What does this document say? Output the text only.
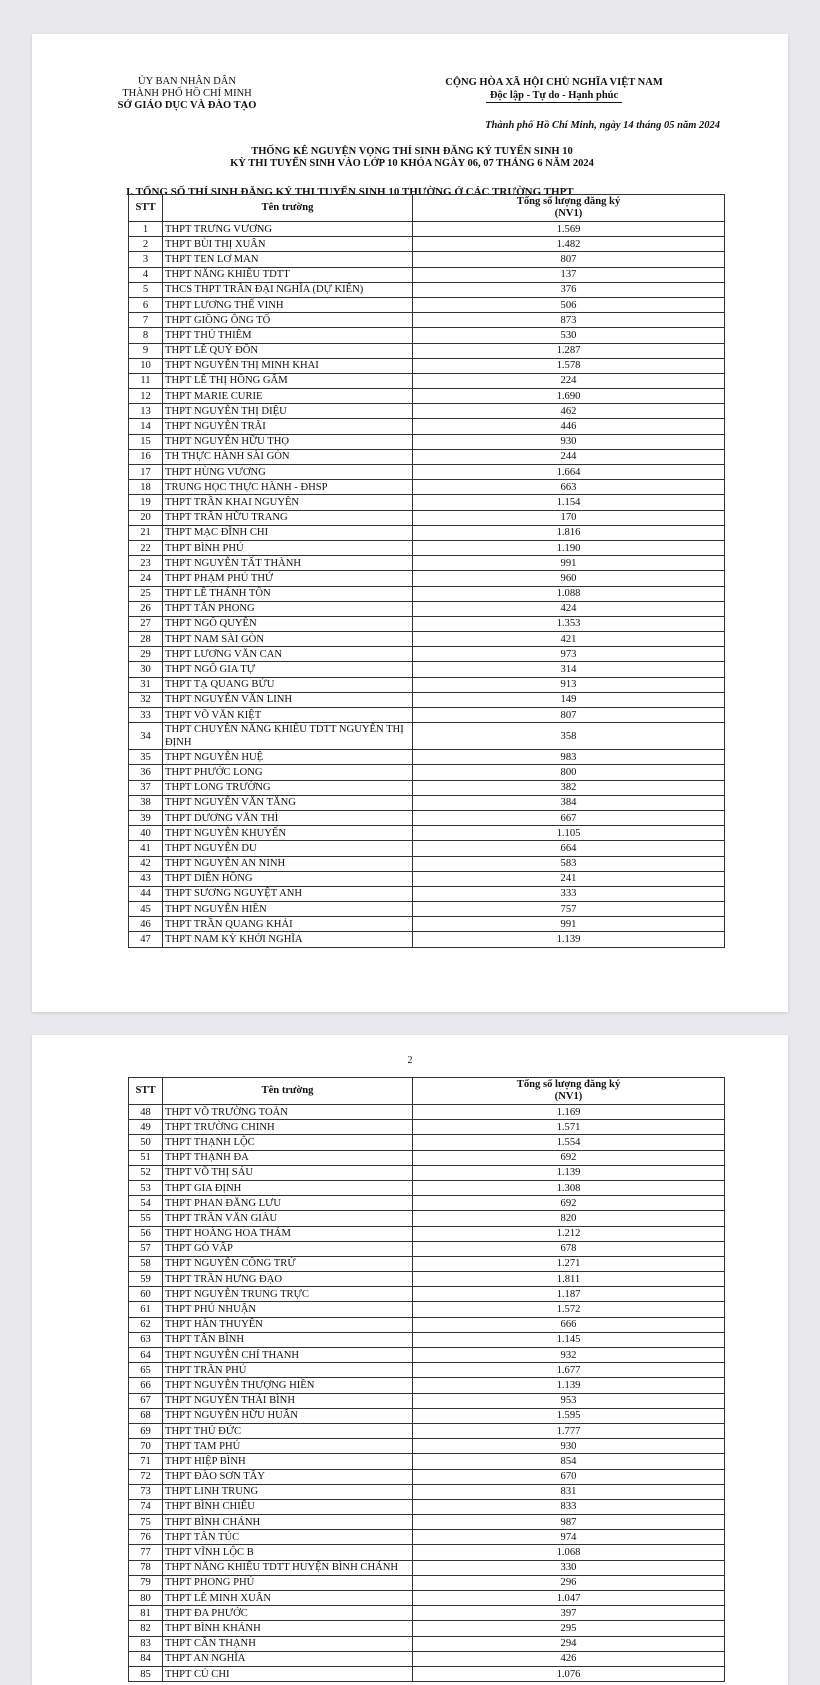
ỦY BAN NHÂN DÂN
THÀNH PHỐ HỒ CHÍ MINH
SỞ GIÁO DỤC VÀ ĐÀO TẠO
CỘNG HÒA XÃ HỘI CHỦ NGHĨA VIỆT NAM
Độc lập - Tự do - Hạnh phúc
Thành phố Hồ Chí Minh, ngày 14 tháng 05 năm 2024
THỐNG KÊ NGUYỆN VỌNG THÍ SINH ĐĂNG KÝ TUYỂN SINH 10
KỲ THI TUYỂN SINH VÀO LỚP 10 KHÓA NGÀY 06, 07 THÁNG 6 NĂM 2024
I. TỔNG SỐ THÍ SINH ĐĂNG KÝ THI TUYỂN SINH 10 THƯỜNG Ở CÁC TRƯỜNG THPT
STT	Tên trường	Tổng số lượng đăng ký
(NV1)

1	THPT TRƯNG VƯƠNG	1.569
2	THPT BÙI THỊ XUÂN	1.482
3	THPT TEN LƠ MAN	807
4	THPT NĂNG KHIẾU TDTT	137
5	THCS THPT TRẦN ĐẠI NGHĨA (DỰ KIẾN)	376
6	THPT LƯƠNG THẾ VINH	506
7	THPT GIỒNG ÔNG TỐ	873
8	THPT THỦ THIÊM	530
9	THPT LÊ QUÝ ĐÔN	1.287
10	THPT NGUYỄN THỊ MINH KHAI	1.578
11	THPT LÊ THỊ HỒNG GẤM	224
12	THPT MARIE CURIE	1.690
13	THPT NGUYỄN THỊ DIỆU	462
14	THPT NGUYỄN TRÃI	446
15	THPT NGUYỄN HỮU THỌ	930
16	TH THỰC HÀNH SÀI GÒN	244
17	THPT HÙNG VƯƠNG	1.664
18	TRUNG HỌC THỰC HÀNH - ĐHSP	663
19	THPT TRẦN KHAI NGUYÊN	1.154
20	THPT TRẦN HỮU TRANG	170
21	THPT MẠC ĐĨNH CHI	1.816
22	THPT BÌNH PHÚ	1.190
23	THPT NGUYỄN TẤT THÀNH	991
24	THPT PHẠM PHÚ THỨ	960
25	THPT LÊ THÁNH TÔN	1.088
26	THPT TÂN PHONG	424
27	THPT NGÔ QUYỀN	1.353
28	THPT NAM SÀI GÒN	421
29	THPT LƯƠNG VĂN CAN	973
30	THPT NGÔ GIA TỰ	314
31	THPT TẠ QUANG BỬU	913
32	THPT NGUYỄN VĂN LINH	149
33	THPT VÕ VĂN KIỆT	807
34	THPT CHUYÊN NĂNG KHIẾU TDTT NGUYỄN THỊ ĐỊNH	358
35	THPT NGUYỄN HUỆ	983
36	THPT PHƯỚC LONG	800
37	THPT LONG TRƯỜNG	382
38	THPT NGUYỄN VĂN TĂNG	384
39	THPT DƯƠNG VĂN THÌ	667
40	THPT NGUYỄN KHUYẾN	1.105
41	THPT NGUYỄN DU	664
42	THPT NGUYỄN AN NINH	583
43	THPT DIÊN HỒNG	241
44	THPT SƯƠNG NGUYỆT ANH	333
45	THPT NGUYỄN HIỀN	757
46	THPT TRẦN QUANG KHẢI	991
47	THPT NAM KỲ KHỞI NGHĨA	1.139
2
STT	Tên trường	Tổng số lượng đăng ký
(NV1)

48	THPT VÕ TRƯỜNG TOẢN	1.169
49	THPT TRƯỜNG CHINH	1.571
50	THPT THẠNH LỘC	1.554
51	THPT THẠNH ĐA	692
52	THPT VÕ THỊ SÁU	1.139
53	THPT GIA ĐỊNH	1.308
54	THPT PHAN ĐĂNG LƯU	692
55	THPT TRẦN VĂN GIÀU	820
56	THPT HOÀNG HOA THÁM	1.212
57	THPT GÒ VẤP	678
58	THPT NGUYỄN CÔNG TRỨ	1.271
59	THPT TRẦN HƯNG ĐẠO	1.811
60	THPT NGUYỄN TRUNG TRỰC	1.187
61	THPT PHÚ NHUẬN	1.572
62	THPT HÀN THUYÊN	666
63	THPT TÂN BÌNH	1.145
64	THPT NGUYỄN CHÍ THANH	932
65	THPT TRẦN PHÚ	1.677
66	THPT NGUYỄN THƯỢNG HIỀN	1.139
67	THPT NGUYỄN THÁI BÌNH	953
68	THPT NGUYỄN HỮU HUÂN	1.595
69	THPT THỦ ĐỨC	1.777
70	THPT TAM PHÚ	930
71	THPT HIỆP BÌNH	854
72	THPT ĐÀO SƠN TÂY	670
73	THPT LINH TRUNG	831
74	THPT BÌNH CHIỂU	833
75	THPT BÌNH CHÁNH	987
76	THPT TÂN TÚC	974
77	THPT VĨNH LỘC B	1.068
78	THPT NĂNG KHIẾU TDTT HUYỆN BÌNH CHÁNH	330
79	THPT PHONG PHÚ	296
80	THPT LÊ MINH XUÂN	1.047
81	THPT ĐA PHƯỚC	397
82	THPT BÌNH KHÁNH	295
83	THPT CẦN THẠNH	294
84	THPT AN NGHĨA	426
85	THPT CỦ CHI	1.076
